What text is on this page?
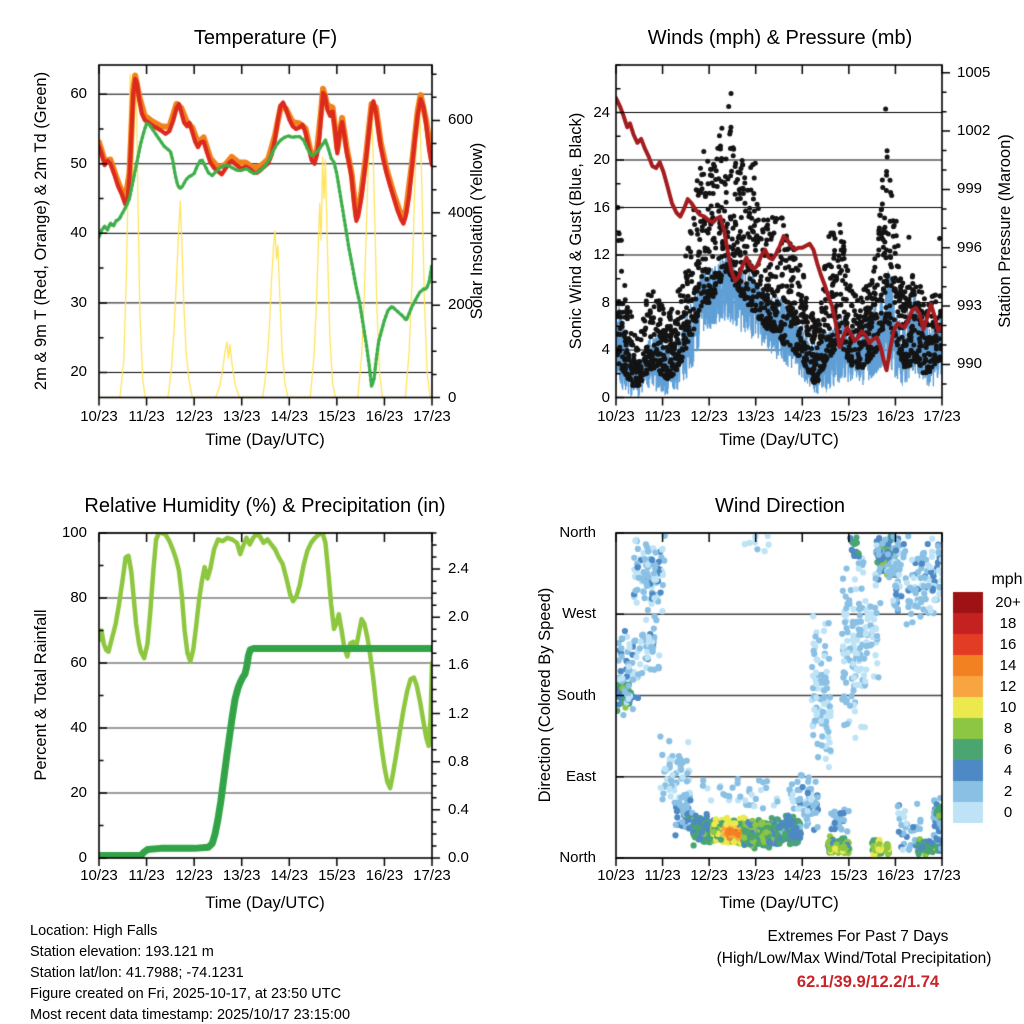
Temperature (F)	Winds (mph) & Pressure (mb)
Relative Humidity (%) & Precipitation (in)	Wind Direction
Time (Day/UTC)	Time (Day/UTC)
Time (Day/UTC)	Time (Day/UTC)
2m & 9m T (Red, Orange) & 2m Td (Green)	Solar Insolation (Yellow)	Sonic Wind & Gust (Blue, Black)	Station Pressure (Maroon)
Percent & Total Rainfall	Direction (Colored By Speed)
mph
Location: High Falls
Station elevation: 193.121 m
Station lat/lon: 41.7988; -74.1231
Figure created on Fri, 2025-10-17, at 23:50 UTC
Most recent data timestamp: 2025/10/17 23:15:00
Extremes For Past 7 Days
(High/Low/Max Wind/Total Precipitation)
62.1/39.9/12.2/1.74
10/23 11/23 12/23 13/23 14/23 15/23 16/23 17/23
20
30
40
50
60
0
200
400
600
10/23 11/23 12/23 13/23 14/23 15/23 16/23 17/23
0
4
8
12
16
20
24
990
993
996
999
1002
1005
10/23 11/23 12/23 13/23 14/23 15/23 16/23 17/23
0
20
40
60
80
100
0.0
0.4
0.8
1.2
1.6
2.0
2.4
10/23 11/23 12/23 13/23 14/23 15/23 16/23 17/23
North
West
South
East
North
20+
18
16
14
12
10
8
6
4
2
0
